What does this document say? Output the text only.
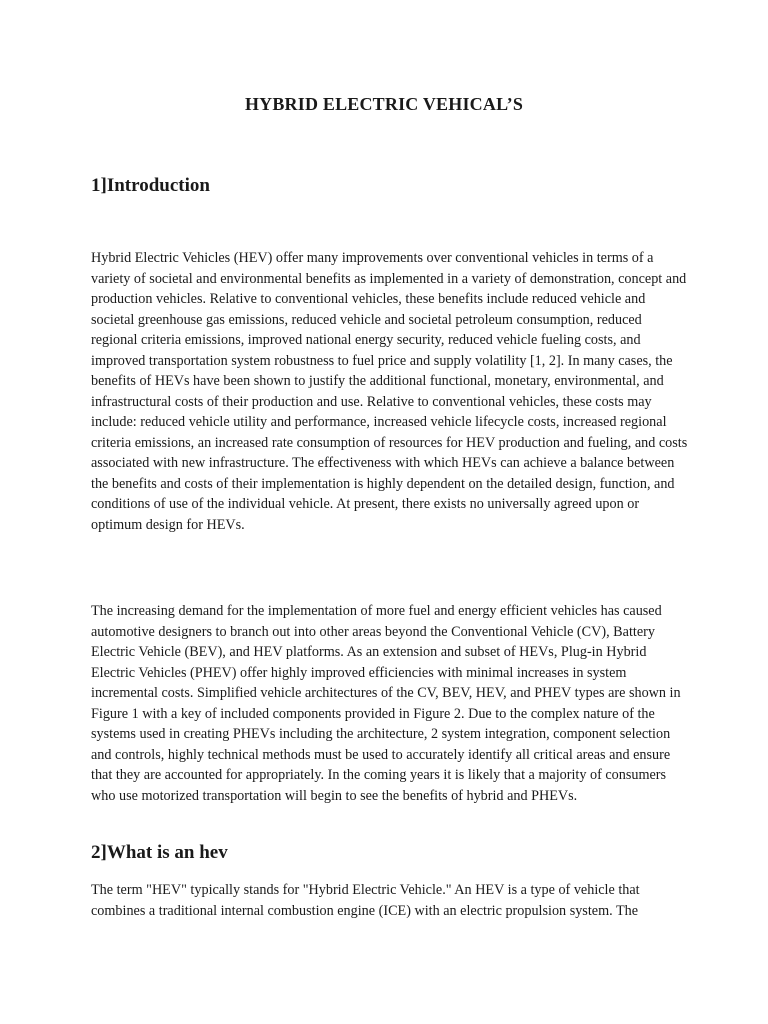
HYBRID ELECTRIC VEHICAL’S
1]Introduction

Hybrid Electric Vehicles (HEV) offer many improvements over conventional vehicles in terms of a variety of societal and environmental benefits as implemented in a variety of demonstration, concept and production vehicles. Relative to conventional vehicles, these benefits include reduced vehicle and societal greenhouse gas emissions, reduced vehicle and societal petroleum consumption, reduced regional criteria emissions, improved national energy security, reduced vehicle fueling costs, and improved transportation system robustness to fuel price and supply volatility [1, 2]. In many cases, the benefits of HEVs have been shown to justify the additional functional, monetary, environmental, and infrastructural costs of their production and use. Relative to conventional vehicles, these costs may include: reduced vehicle utility and performance, increased vehicle lifecycle costs, increased regional criteria emissions, an increased rate consumption of resources for HEV production and fueling, and costs associated with new infrastructure. The effectiveness with which HEVs can achieve a balance between the benefits and costs of their implementation is highly dependent on the detailed design, function, and conditions of use of the individual vehicle. At present, there exists no universally agreed upon or optimum design for HEVs.

The increasing demand for the implementation of more fuel and energy efficient vehicles has caused automotive designers to branch out into other areas beyond the Conventional Vehicle (CV), Battery Electric Vehicle (BEV), and HEV platforms. As an extension and subset of HEVs, Plug-in Hybrid Electric Vehicles (PHEV) offer highly improved efficiencies with minimal increases in system incremental costs. Simplified vehicle architectures of the CV, BEV, HEV, and PHEV types are shown in Figure 1 with a key of included components provided in Figure 2. Due to the complex nature of the systems used in creating PHEVs including the architecture, 2 system integration, component selection and controls, highly technical methods must be used to accurately identify all critical areas and ensure that they are accounted for appropriately. In the coming years it is likely that a majority of consumers who use motorized transportation will begin to see the benefits of hybrid and PHEVs.

2]What is an hev

The term "HEV" typically stands for "Hybrid Electric Vehicle." An HEV is a type of vehicle that combines a traditional internal combustion engine (ICE) with an electric propulsion system. The
